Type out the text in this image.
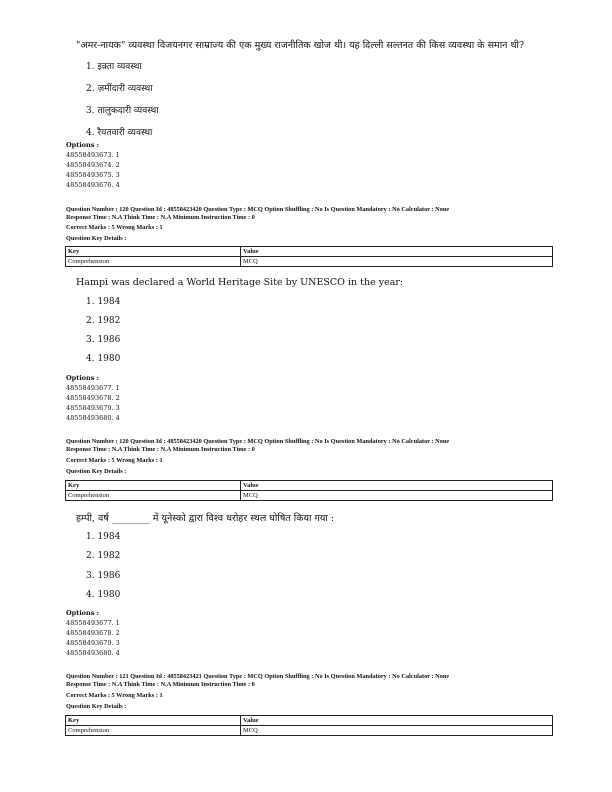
"अमर-नायक" व्यवस्था विजयनगर साम्राज्य की एक मुख्य राजनीतिक खोज थी। यह दिल्ली सल्तनत की किस व्यवस्था के समान थी?
1. इक़्ता व्यवस्था
2. ज़मींदारी व्यवस्था
3. तालुकदारी व्यवस्था
4. रैयतवारी व्यवस्था
Options :
48558493673. 1
48558493674. 2
48558493675. 3
48558493676. 4
Question Number : 120 Question Id : 48558423420 Question Type : MCQ Option Shuffling : No Is Question Mandatory : No Calculator : None
Response Time : N.A Think Time : N.A Minimum Instruction Time : 0
Correct Marks : 5 Wrong Marks : 1
Question Key Details :
Key	Value
Comprehension	MCQ
Hampi was declared a World Heritage Site by UNESCO in the year:
1. 1984
2. 1982
3. 1986
4. 1980
Options :
48558493677. 1
48558493678. 2
48558493679. 3
48558493680. 4
Question Number : 120 Question Id : 48558423420 Question Type : MCQ Option Shuffling : No Is Question Mandatory : No Calculator : None
Response Time : N.A Think Time : N.A Minimum Instruction Time : 0
Correct Marks : 5 Wrong Marks : 1
Question Key Details :
Key	Value
Comprehension	MCQ
हम्पी, वर्ष ________ में यूनेस्को द्वारा विश्व धरोहर स्थल घोषित किया गया :
1. 1984
2. 1982
3. 1986
4. 1980
Options :
48558493677. 1
48558493678. 2
48558493679. 3
48558493680. 4
Question Number : 121 Question Id : 48558423421 Question Type : MCQ Option Shuffling : No Is Question Mandatory : No Calculator : None
Response Time : N.A Think Time : N.A Minimum Instruction Time : 0
Correct Marks : 5 Wrong Marks : 1
Question Key Details :
Key	Value
Comprehension	MCQ
